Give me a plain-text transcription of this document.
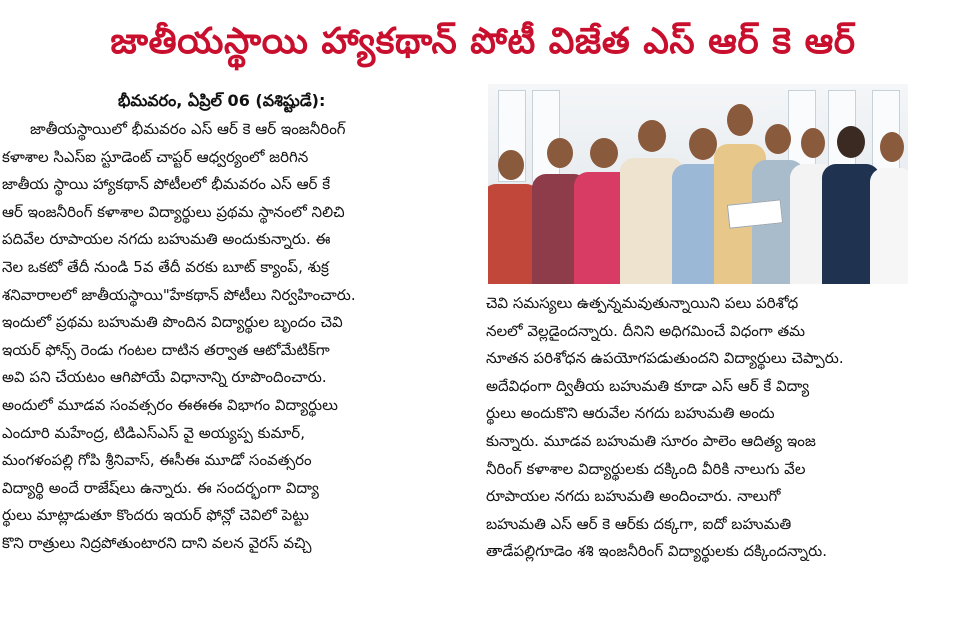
జాతీయస్థాయి హ్యాకథాన్ పోటీ విజేత ఎస్ ఆర్ కె ఆర్
భీమవరం, ఏప్రిల్ 06 (వశిష్టుడే):
జాతీయస్థాయిలో భీమవరం ఎస్ ఆర్ కె ఆర్ ఇంజనీరింగ్
కళాశాల సిఎస్ఐ స్టూడెంట్ చాప్టర్ ఆధ్వర్యంలో జరిగిన
జాతీయ స్థాయి హ్యాకథాన్ పోటీలలో భీమవరం ఎస్ ఆర్ కే
ఆర్ ఇంజనీరింగ్ కళాశాల విద్యార్థులు ప్రథమ స్థానంలో నిలిచి
పదివేల రూపాయల నగదు బహుమతి అందుకున్నారు. ఈ
నెల ఒకటో తేదీ నుండి 5వ తేదీ వరకు బూట్ క్యాంప్, శుక్ర
శనివారాలలో జాతీయస్థాయి"హేకథాన్ పోటీలు నిర్వహించారు.
ఇందులో ప్రథమ బహుమతి పొందిన విద్యార్థుల బృందం చెవి
ఇయర్ ఫోన్స్ రెండు గంటల దాటిన తర్వాత ఆటోమేటిక్‌గా
అవి పని చేయటం ఆగిపోయే విధానాన్ని రూపొందించారు.
అందులో మూడవ సంవత్సరం ఈఈఈ విభాగం విద్యార్థులు
ఎందూరి మహేంద్ర, టిడిఎస్ఎస్ వై అయ్యప్ప కుమార్,
మంగళంపల్లి గోపి శ్రీనివాస్, ఈసీఈ మూడో సంవత్సరం
విద్యార్థి అందే రాజేష్‌లు ఉన్నారు. ఈ సందర్భంగా విద్యా
ర్థులు మాట్లాడుతూ కొందరు ఇయర్ ఫోన్లో చెవిలో పెట్టు
కొని రాత్రులు నిద్రపోతుంటారని దాని వలన వైరస్ వచ్చి
చెవి సమస్యలు ఉత్పన్నమవుతున్నాయిని పలు పరిశోధ
నలలో వెల్లడైందన్నారు. దీనిని అధిగమించే విధంగా తమ
నూతన పరిశోధన ఉపయోగపడుతుందని విద్యార్థులు చెప్పారు.
అదేవిధంగా ద్వితీయ బహుమతి కూడా ఎస్ ఆర్ కే విద్యా
ర్థులు అందుకొని ఆరువేల నగదు బహుమతి అందు
కున్నారు. మూడవ బహుమతి సూరం పాలెం ఆదిత్య ఇంజ
నీరింగ్ కళాశాల విద్యార్థులకు దక్కింది వీరికి నాలుగు వేల
రూపాయల నగదు బహుమతి అందించారు. నాలుగో
బహుమతి ఎస్ ఆర్ కె ఆర్‌కు దక్కగా, ఐదో బహుమతి
తాడేపల్లిగూడెం శశి ఇంజనీరింగ్ విద్యార్థులకు దక్కిందన్నారు.
